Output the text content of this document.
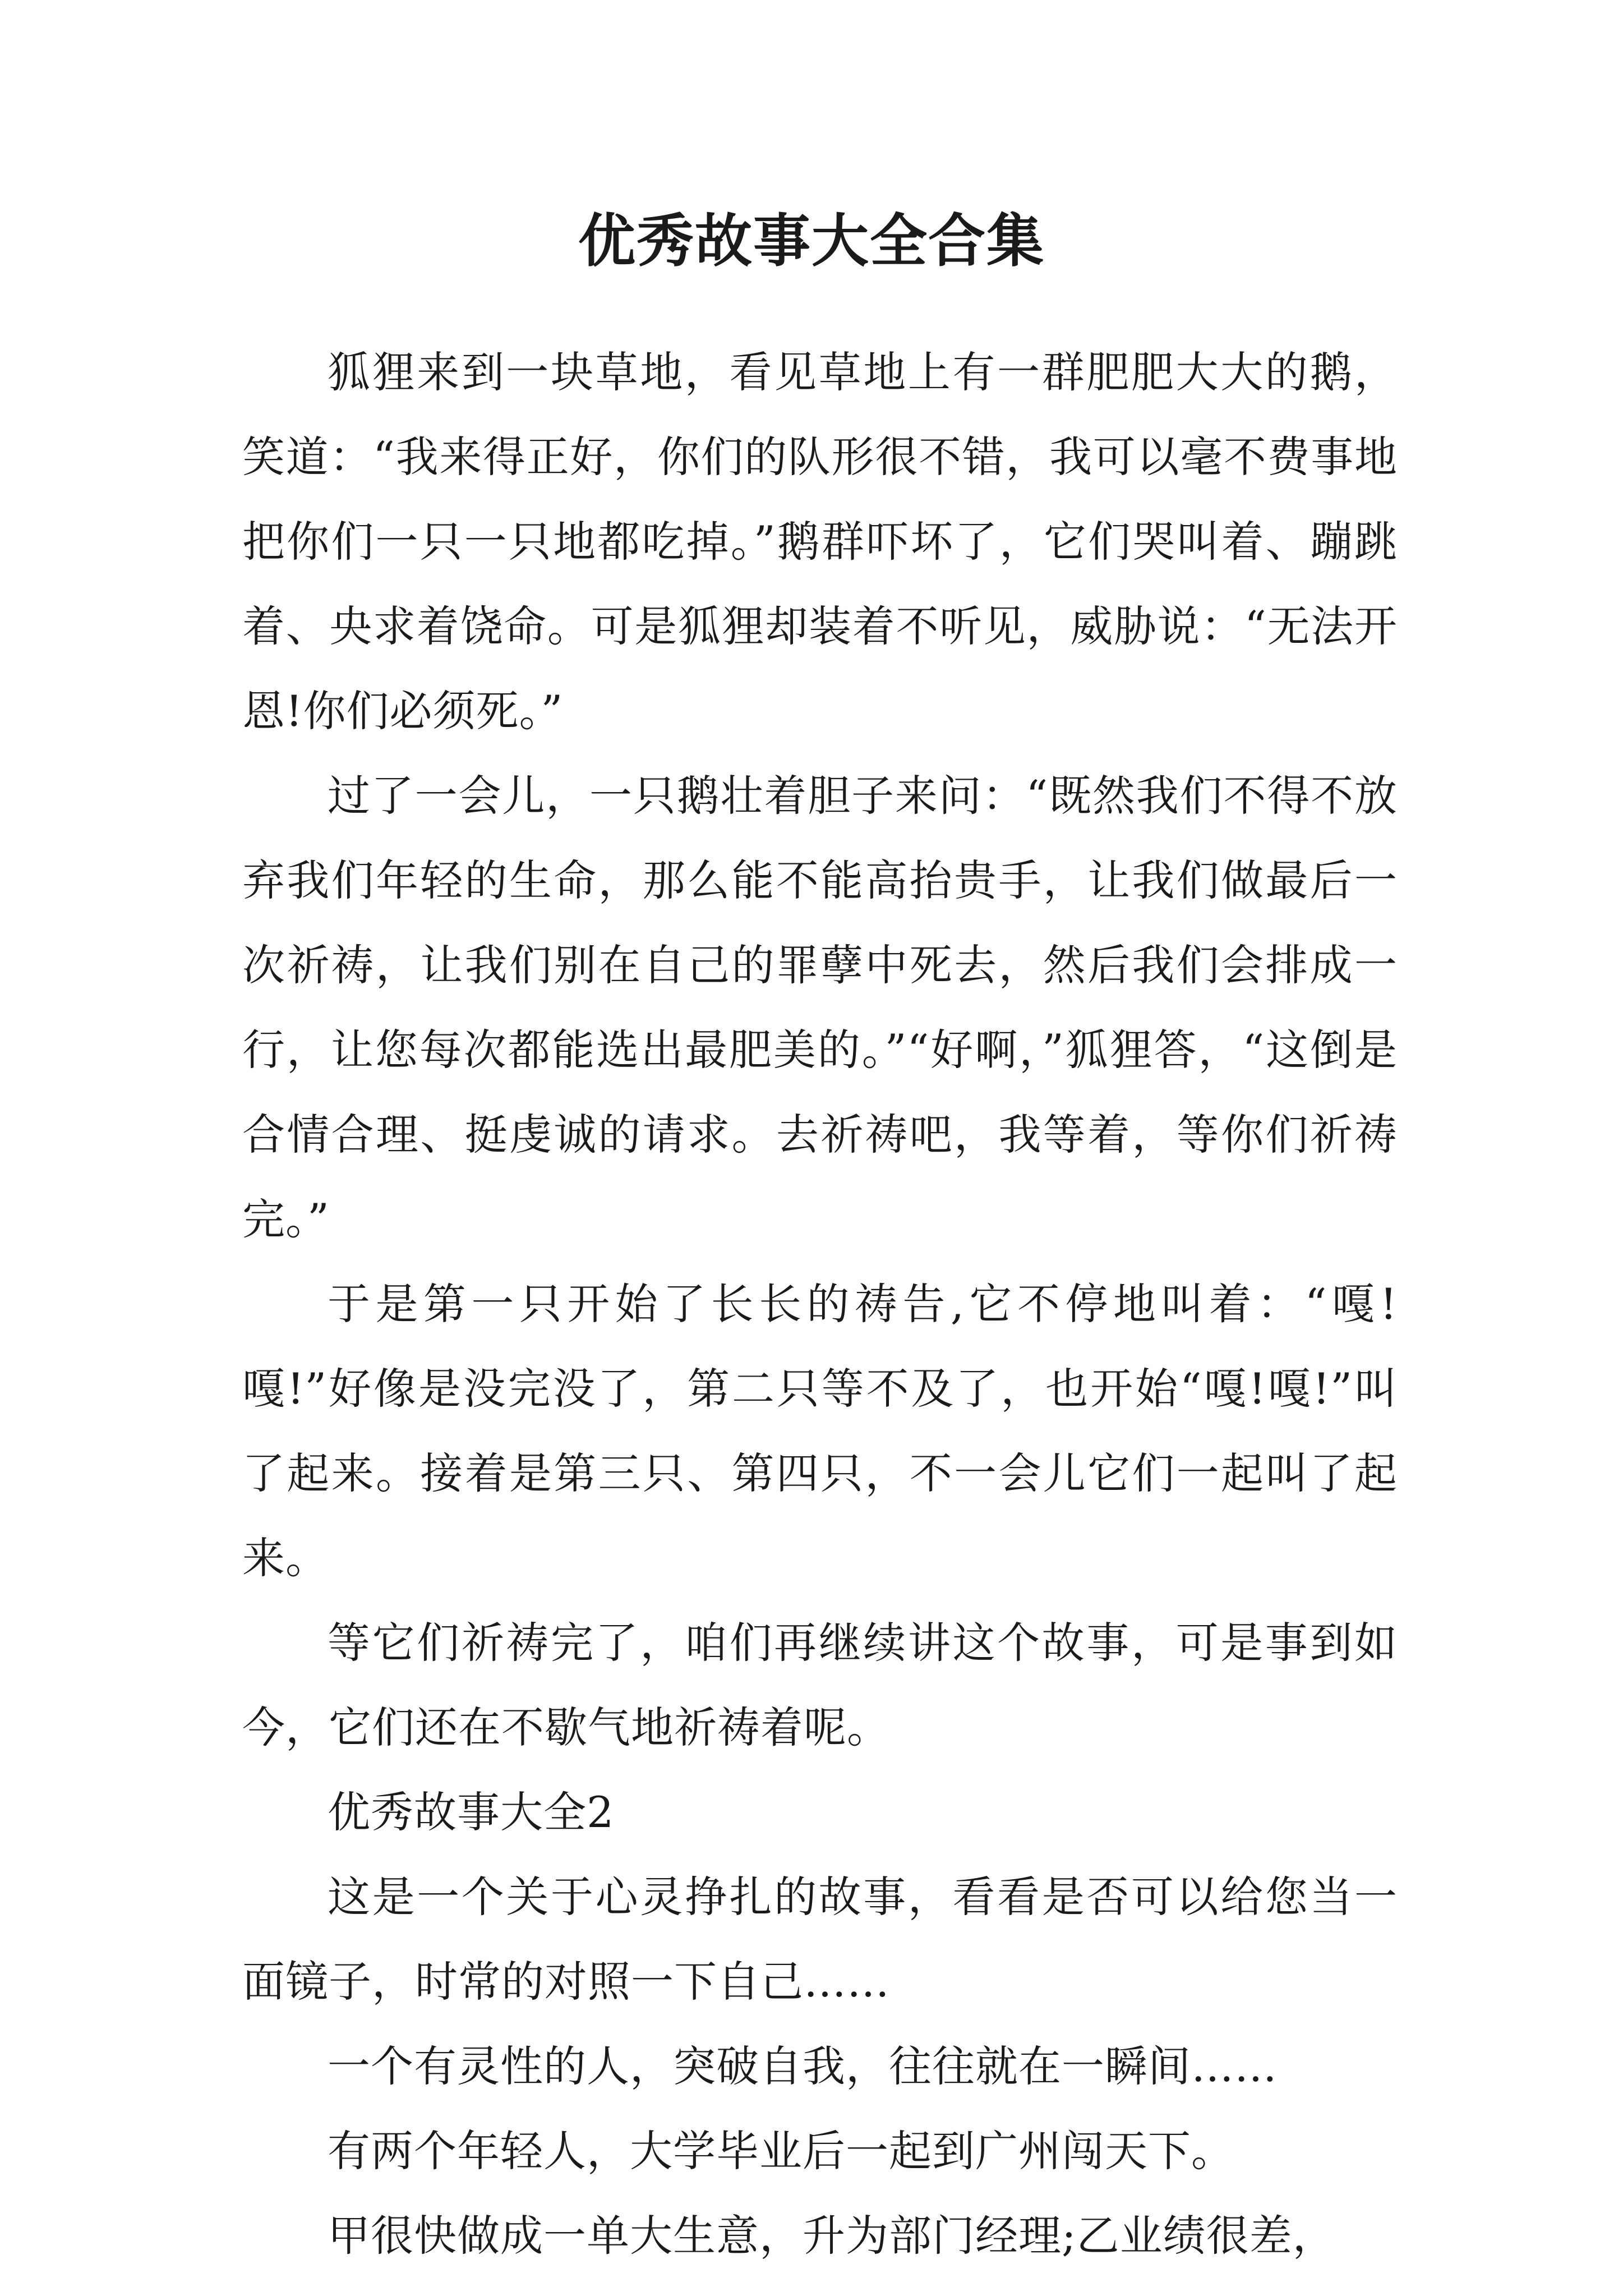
优秀故事大全合集

狐狸来到一块草地，看见草地上有一群肥肥大大的鹅，笑道：“我来得正好，你们的队形很不错，我可以毫不费事地把你们一只一只地都吃掉。”鹅群吓坏了，它们哭叫着、蹦跳着、央求着饶命。可是狐狸却装着不听见，威胁说：“无法开恩!你们必须死。”

过了一会儿，一只鹅壮着胆子来问：“既然我们不得不放弃我们年轻的生命，那么能不能高抬贵手，让我们做最后一次祈祷，让我们别在自己的罪孽中死去，然后我们会排成一行，让您每次都能选出最肥美的。”“好啊，”狐狸答，“这倒是合情合理、挺虔诚的请求。去祈祷吧，我等着，等你们祈祷完。”

于是第一只开始了长长的祷告,它不停地叫着：“嘎!嘎!”好像是没完没了，第二只等不及了，也开始“嘎!嘎!”叫了起来。接着是第三只、第四只，不一会儿它们一起叫了起来。

等它们祈祷完了，咱们再继续讲这个故事，可是事到如今，它们还在不歇气地祈祷着呢。

优秀故事大全2

这是一个关于心灵挣扎的故事，看看是否可以给您当一面镜子，时常的对照一下自己……

一个有灵性的人，突破自我，往往就在一瞬间……

有两个年轻人，大学毕业后一起到广州闯天下。

甲很快做成一单大生意，升为部门经理;乙业绩很差，
